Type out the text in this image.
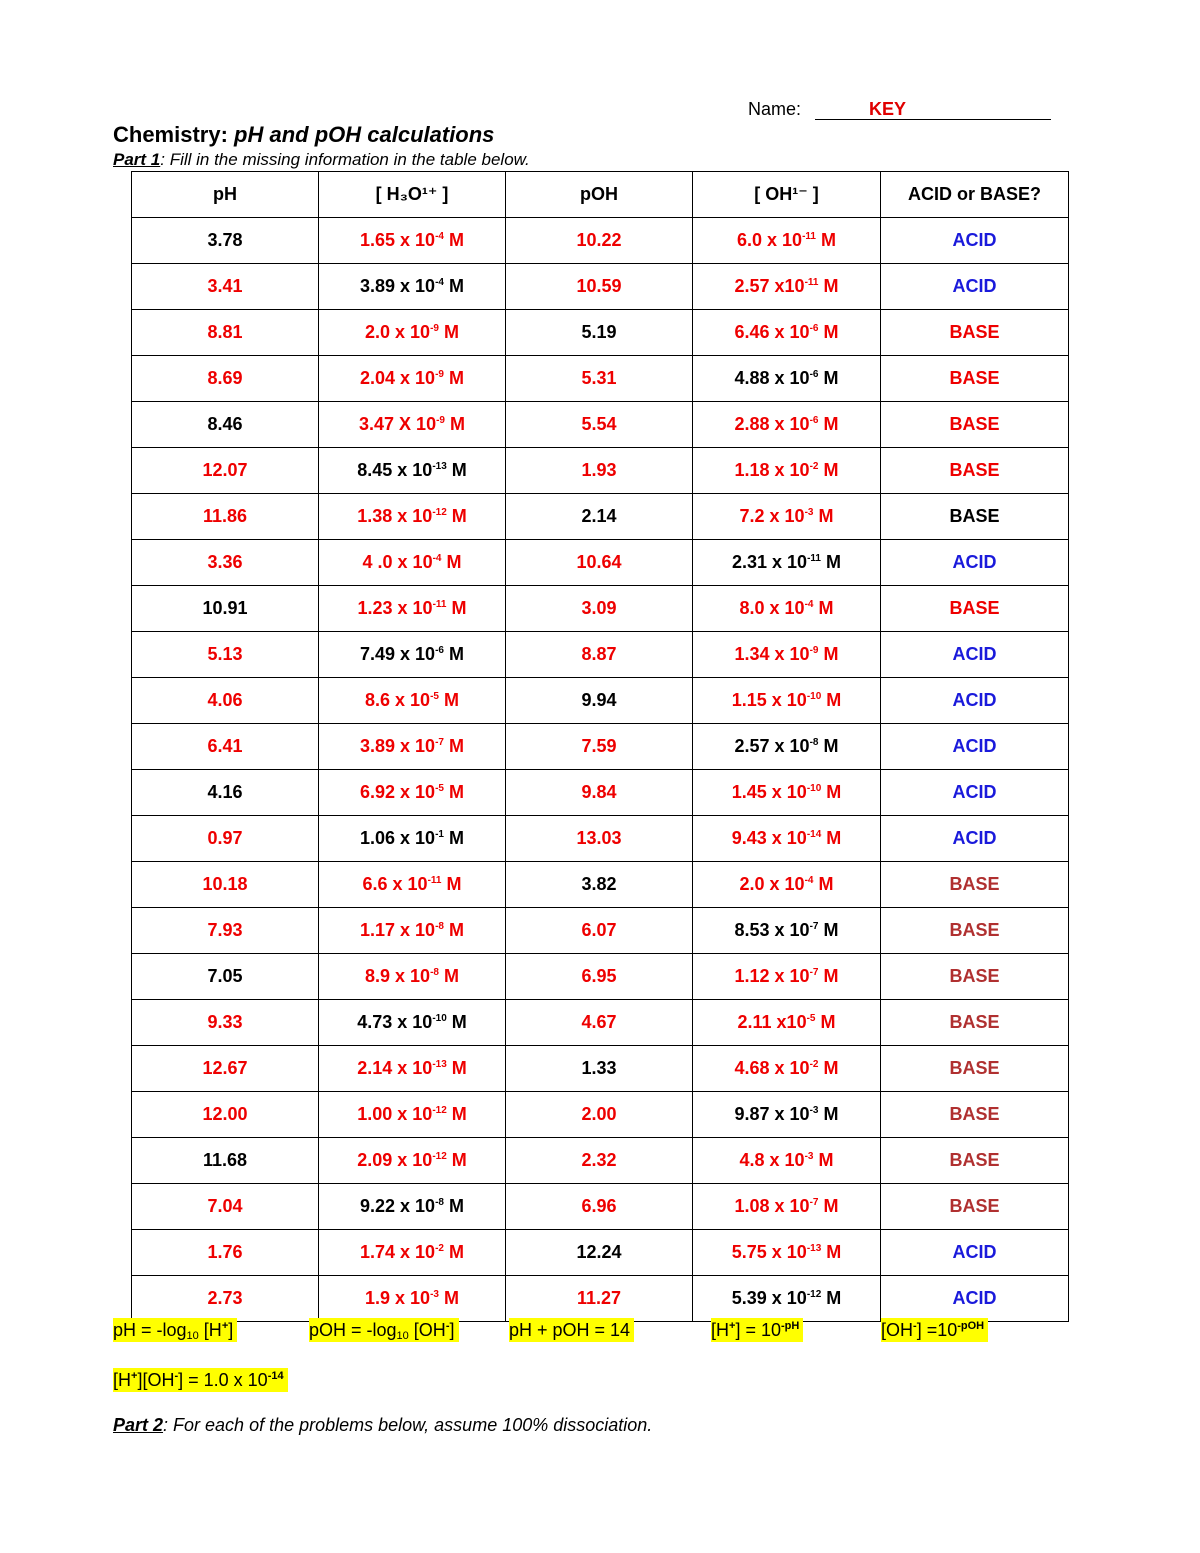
Name:	KEY
Chemistry: pH and pOH calculations
Part 1: Fill in the missing information in the table below.
pH	[ H₃O¹⁺ ]	pOH	[ OH¹⁻ ]	ACID or BASE?
3.78	1.65 x $10^{-4}$ M	10.22	6.0 x $10^{-11}$ M	ACID
3.41	3.89 x $10^{-4}$ M	10.59	2.57 $x10^{-11}$ M	ACID
8.81	2.0 x $10^{-9}$ M	5.19	6.46 x $10^{-6}$ M	BASE
8.69	2.04 x $10^{-9}$ M	5.31	4.88 x $10^{-6}$ M	BASE
8.46	3.47 X $10^{-9}$ M	5.54	2.88 x $10^{-6}$ M	BASE
12.07	8.45 x $10^{-13}$ M	1.93	1.18 x $10^{-2}$ M	BASE
11.86	1.38 x $10^{-12}$ M	2.14	7.2 x $10^{-3}$ M	BASE
3.36	4 .0 x $10^{-4}$ M	10.64	2.31 x $10^{-11}$ M	ACID
10.91	1.23 x $10^{-11}$ M	3.09	8.0 x $10^{-4}$ M	BASE
5.13	7.49 x $10^{-6}$ M	8.87	1.34 x $10^{-9}$ M	ACID
4.06	8.6 x $10^{-5}$ M	9.94	1.15 x $10^{-10}$ M	ACID
6.41	3.89 x $10^{-7}$ M	7.59	2.57 x $10^{-8}$ M	ACID
4.16	6.92 x $10^{-5}$ M	9.84	1.45 x $10^{-10}$ M	ACID
0.97	1.06 x $10^{-1}$ M	13.03	9.43 x $10^{-14}$ M	ACID
10.18	6.6 x $10^{-11}$ M	3.82	2.0 x $10^{-4}$ M	BASE
7.93	1.17 x $10^{-8}$ M	6.07	8.53 x $10^{-7}$ M	BASE
7.05	8.9 x $10^{-8}$ M	6.95	1.12 x $10^{-7}$ M	BASE
9.33	4.73 x $10^{-10}$ M	4.67	2.11 $x10^{-5}$ M	BASE
12.67	2.14 x $10^{-13}$ M	1.33	4.68 x $10^{-2}$ M	BASE
12.00	1.00 x $10^{-12}$ M	2.00	9.87 x $10^{-3}$ M	BASE
11.68	2.09 x $10^{-12}$ M	2.32	4.8 x $10^{-3}$ M	BASE
7.04	9.22 x $10^{-8}$ M	6.96	1.08 x $10^{-7}$ M	BASE
1.76	1.74 x $10^{-2}$ M	12.24	5.75 x $10^{-13}$ M	ACID
2.73	1.9 x $10^{-3}$ M	11.27	5.39 x $10^{-12}$ M	ACID
pH = $-\log_{10}$ [H+]	pOH = $-\log_{10}$ [OH-]	pH + pOH = 14	$[H^+] = 10^{-pH}$	$[OH^-] =10^{-pOH}$
[H+][OH-] = 1.0 x $10^{-14}$
Part 2: For each of the problems below, assume 100% dissociation.
